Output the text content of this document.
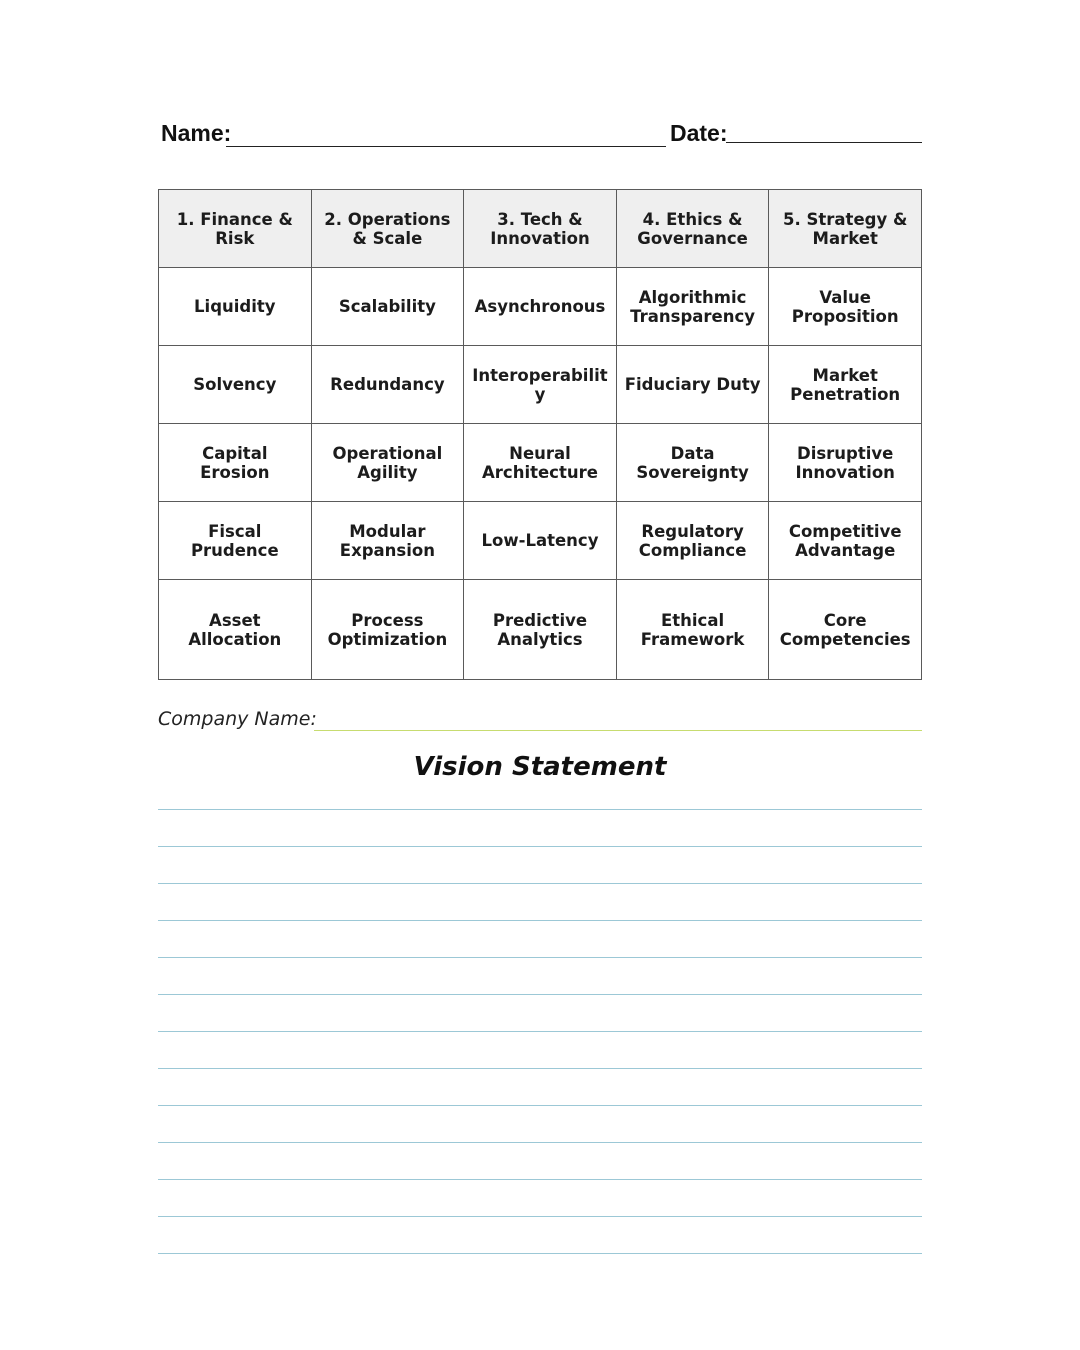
Name:	Date:
1. Finance & Risk	2. Operations & Scale	3. Tech & Innovation	4. Ethics & Governance	5. Strategy & Market
Liquidity	Scalability	Asynchronous	Algorithmic Transparency	Value Proposition
Solvency	Redundancy	Interoperability	Fiduciary Duty	Market Penetration
Capital Erosion	Operational Agility	Neural Architecture	Data Sovereignty	Disruptive Innovation
Fiscal Prudence	Modular Expansion	Low-Latency	Regulatory Compliance	Competitive Advantage
Asset Allocation	Process Optimization	Predictive Analytics	Ethical Framework	Core Competencies
Company Name:
Vision Statement
